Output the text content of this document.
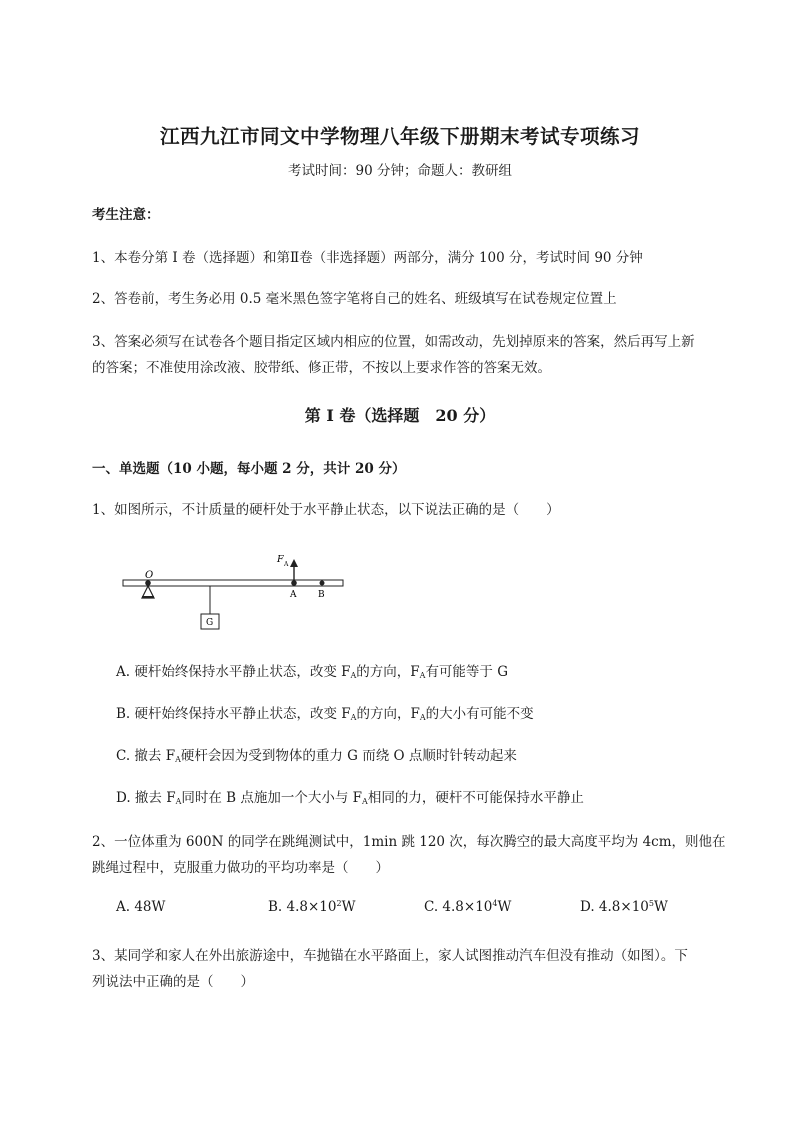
江西九江市同文中学物理八年级下册期末考试专项练习
考试时间：90 分钟；命题人：教研组
考生注意：
1、本卷分第 I 卷（选择题）和第Ⅱ卷（非选择题）两部分，满分 100 分，考试时间 90 分钟
2、答卷前，考生务必用 0.5 毫米黑色签字笔将自己的姓名、班级填写在试卷规定位置上
3、答案必须写在试卷各个题目指定区域内相应的位置，如需改动，先划掉原来的答案，然后再写上新
的答案；不准使用涂改液、胶带纸、修正带，不按以上要求作答的答案无效。
第 I 卷（选择题　20 分）
一、单选题（10 小题，每小题 2 分，共计 20 分）
1、如图所示，不计质量的硬杆处于水平静止状态，以下说法正确的是（　　）
O
F A
A B
G
A. 硬杆始终保持水平静止状态，改变 $F_A$的方向，$F_A$有可能等于 G
B. 硬杆始终保持水平静止状态，改变 $F_A$的方向，$F_A$的大小有可能不变
C. 撤去 $F_A$硬杆会因为受到物体的重力 G 而绕 O 点顺时针转动起来
D. 撤去 $F_A$同时在 B 点施加一个大小与 $F_A$相同的力，硬杆不可能保持水平静止
2、一位体重为 600N 的同学在跳绳测试中，1min 跳 120 次，每次腾空的最大高度平均为 4cm，则他在
跳绳过程中，克服重力做功的平均功率是（　　）
A. 48W	B. $4.8\times 10^2W$	C. $4.8\times 10^4W$	D. $4.8\times 10^5W$
3、某同学和家人在外出旅游途中，车抛锚在水平路面上，家人试图推动汽车但没有推动（如图）。下
列说法中正确的是（　　）
